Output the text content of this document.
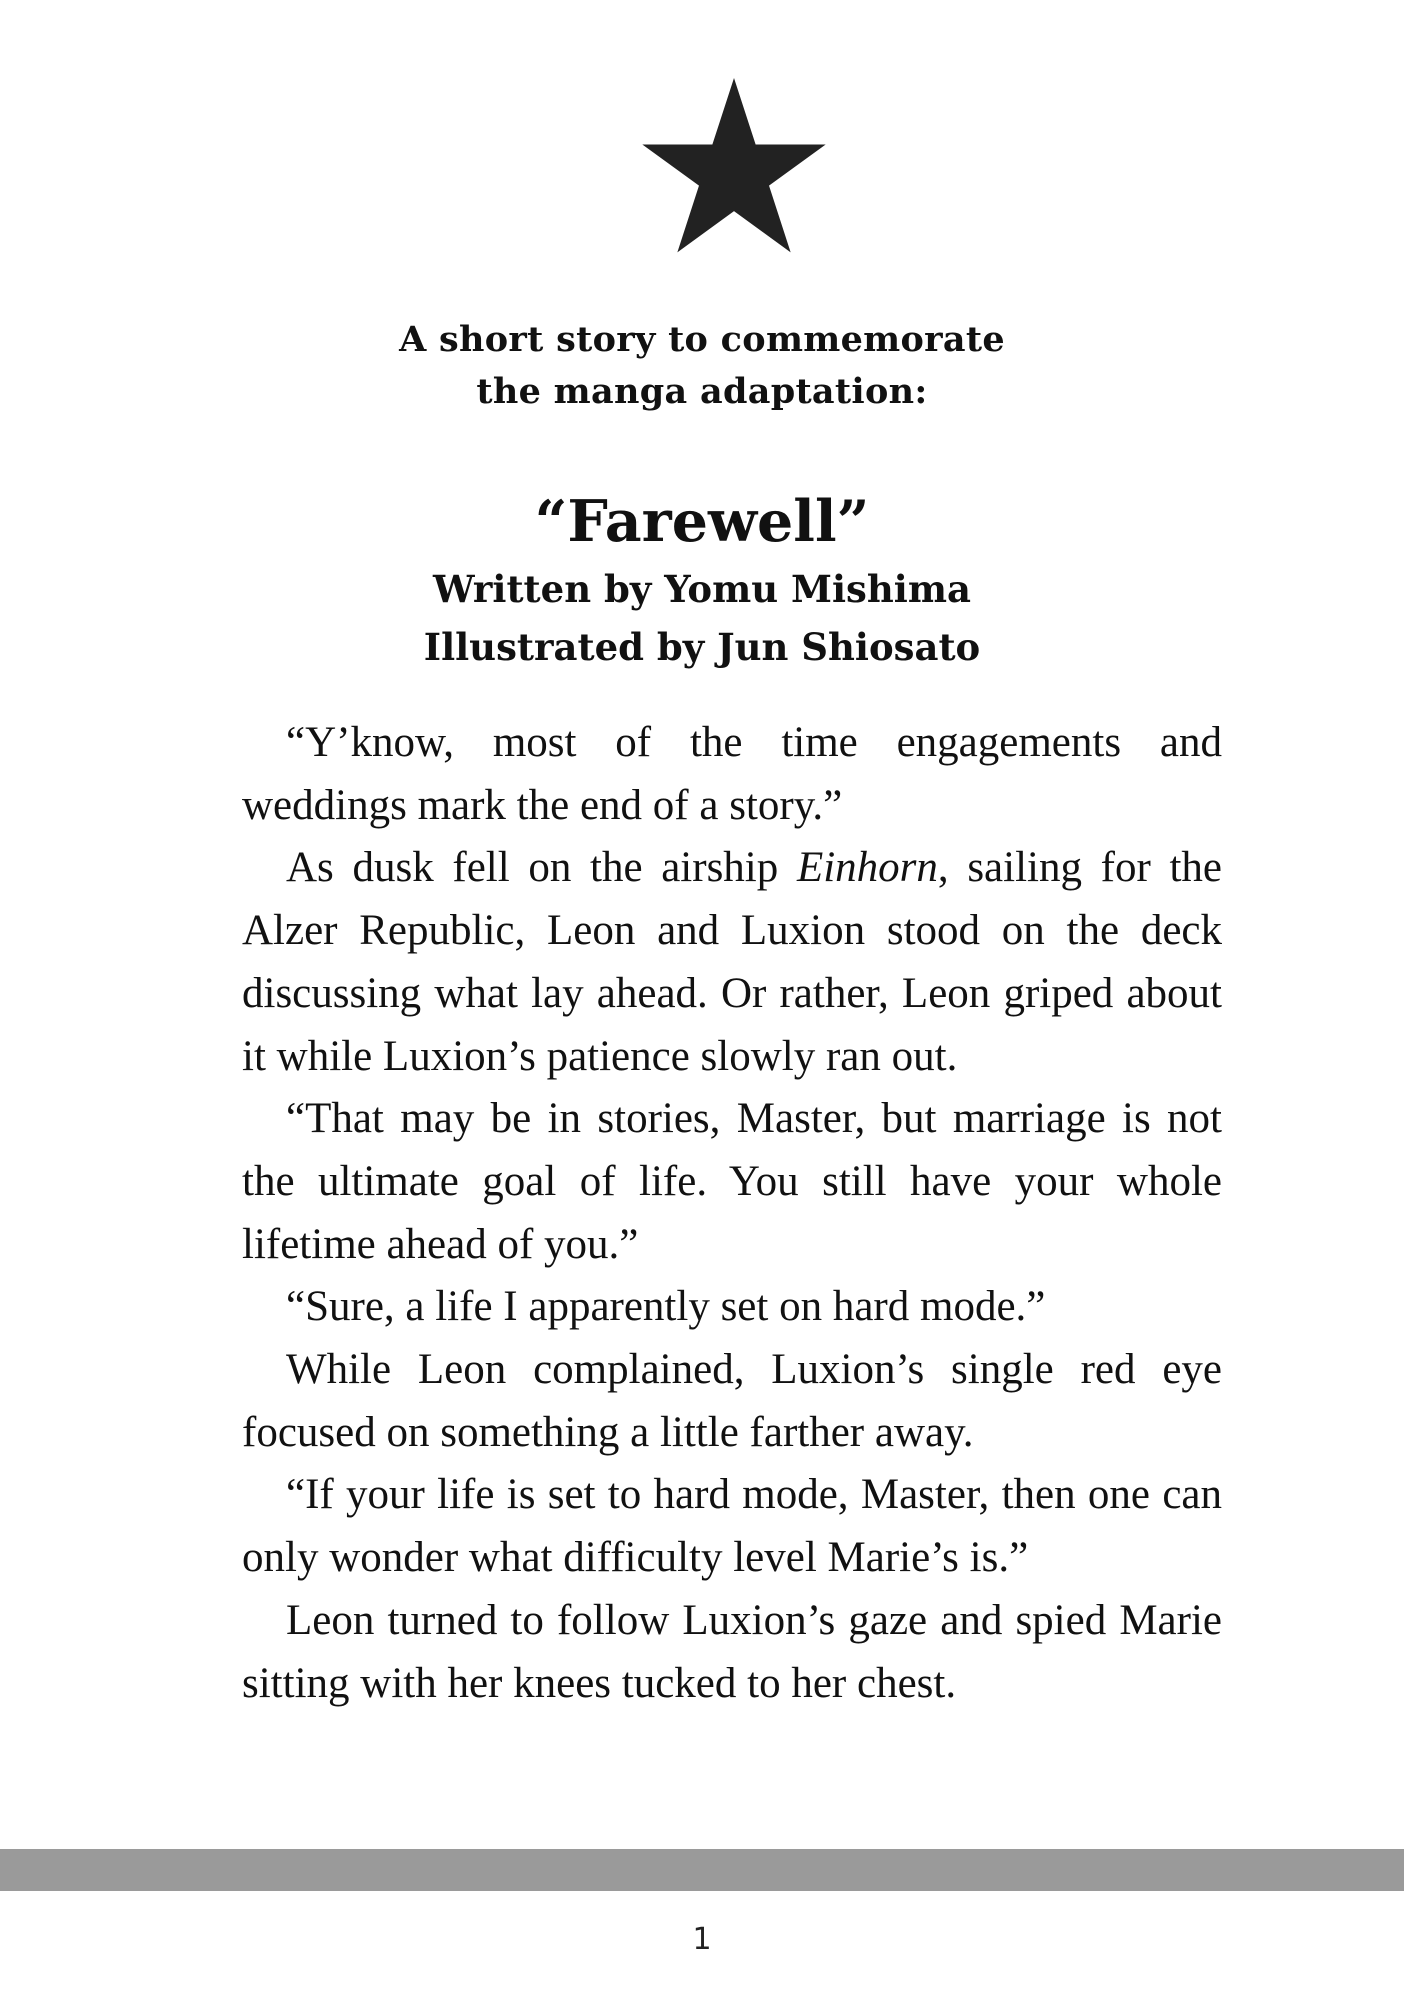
A short story to commemorate
the manga adaptation:
“Farewell”
Written by Yomu Mishima
Illustrated by Jun Shiosato

“Y’know, most of the time engagements and weddings mark the end of a story.”

As dusk fell on the airship Einhorn, sailing for the Alzer Republic, Leon and Luxion stood on the deck discussing what lay ahead. Or rather, Leon griped about it while Luxion’s patience slowly ran out.

“That may be in stories, Master, but marriage is not the ultimate goal of life. You still have your whole lifetime ahead of you.”

“Sure, a life I apparently set on hard mode.”

While Leon complained, Luxion’s single red eye focused on something a little farther away.

“If your life is set to hard mode, Master, then one can only wonder what difficulty level Marie’s is.”

Leon turned to follow Luxion’s gaze and spied Marie sitting with her knees tucked to her chest.

1
